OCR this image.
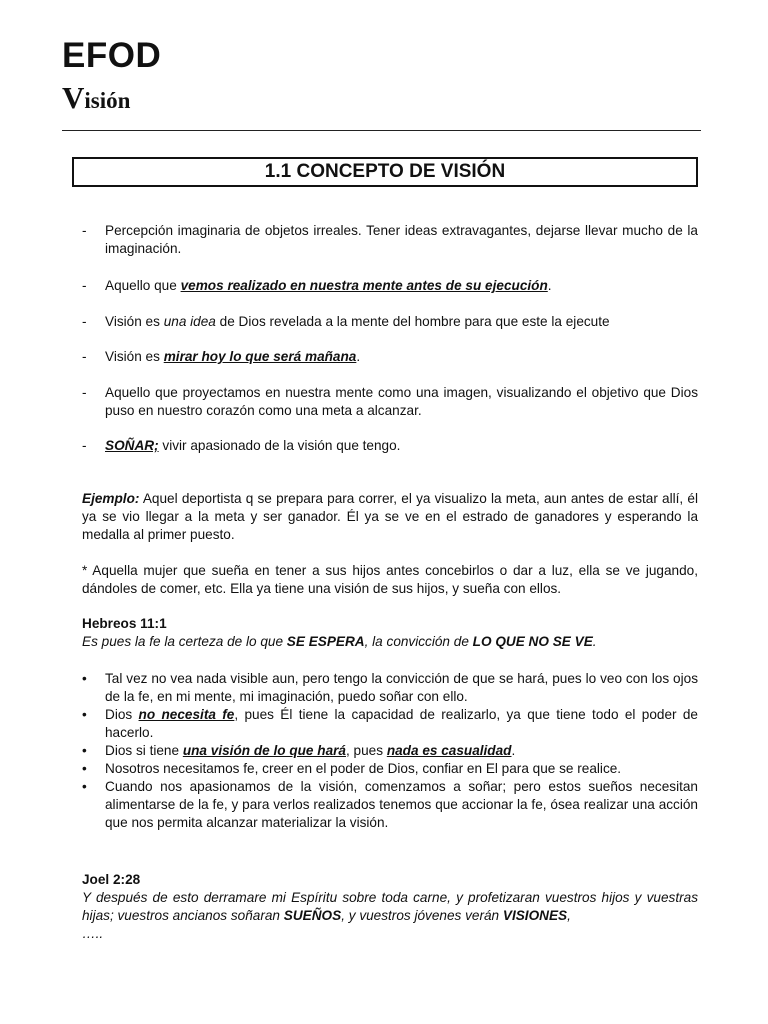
EFOD
Visión
1.1 CONCEPTO DE VISIÓN
- Percepción imaginaria de objetos irreales. Tener ideas extravagantes, dejarse llevar mucho de la imaginación.
- Aquello que vemos realizado en nuestra mente antes de su ejecución.
- Visión es una idea de Dios revelada a la mente del hombre para que este la ejecute
- Visión es mirar hoy lo que será mañana.
- Aquello que proyectamos en nuestra mente como una imagen, visualizando el objetivo que Dios puso en nuestro corazón como una meta a alcanzar.
- SOÑAR; vivir apasionado de la visión que tengo.
Ejemplo: Aquel deportista q se prepara para correr, el ya visualizo la meta, aun antes de estar allí, él ya se vio llegar a la meta y ser ganador. Él ya se ve en el estrado de ganadores y esperando la medalla al primer puesto.
* Aquella mujer que sueña en tener a sus hijos antes concebirlos o dar a luz, ella se ve jugando, dándoles de comer, etc. Ella ya tiene una visión de sus hijos, y sueña con ellos.
Hebreos 11:1
Es pues la fe la certeza de lo que SE ESPERA, la convicción de LO QUE NO SE VE.
• Tal vez no vea nada visible aun, pero tengo la convicción de que se hará, pues lo veo con los ojos de la fe, en mi mente, mi imaginación, puedo soñar con ello.
• Dios no necesita fe, pues Él tiene la capacidad de realizarlo, ya que tiene todo el poder de hacerlo.
• Dios si tiene una visión de lo que hará, pues nada es casualidad.
• Nosotros necesitamos fe, creer en el poder de Dios, confiar en El para que se realice.
• Cuando nos apasionamos de la visión, comenzamos a soñar; pero estos sueños necesitan alimentarse de la fe, y para verlos realizados tenemos que accionar la fe, ósea realizar una acción que nos permita alcanzar materializar la visión.
Joel 2:28
Y después de esto derramare mi Espíritu sobre toda carne, y profetizaran vuestros hijos y vuestras hijas; vuestros ancianos soñaran SUEÑOS, y vuestros jóvenes verán VISIONES,
…..
